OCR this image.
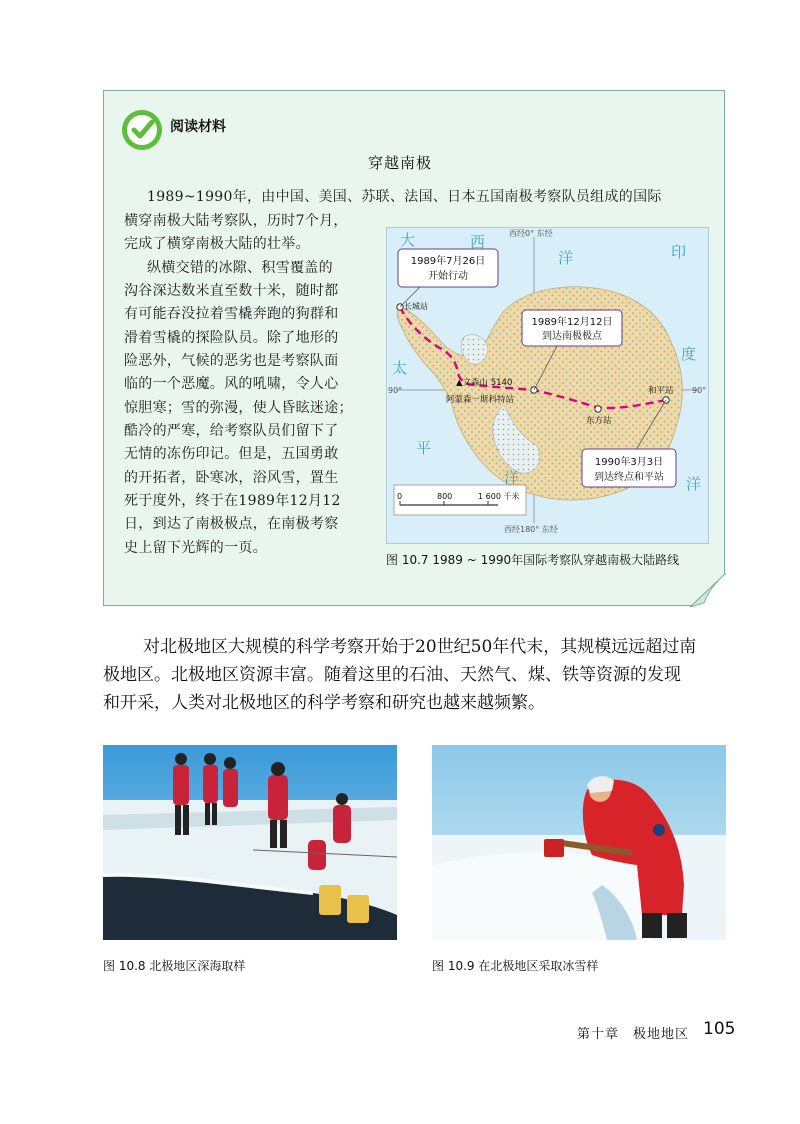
阅读材料
穿越南极
1989~1990年，由中国、美国、苏联、法国、日本五国南极考察队员组成的国际
横穿南极大陆考察队，历时7个月，
完成了横穿南极大陆的壮举。
纵横交错的冰隙、积雪覆盖的
沟谷深达数米直至数十米，随时都
有可能吞没拉着雪橇奔跑的狗群和
滑着雪橇的探险队员。除了地形的
险恶外，气候的恶劣也是考察队面
临的一个恶魔。风的吼啸，令人心
惊胆寒；雪的弥漫，使人昏眩迷途；
酷冷的严寒，给考察队员们留下了
无情的冻伤印记。但是，五国勇敢
的开拓者，卧寒冰，浴风雪，置生
死于度外，终于在1989年12月12
日，到达了南极极点，在南极考察
史上留下光辉的一页。
大	西
洋	印
度
洋
太
平
洋
西经0° 东经
西经180° 东经
90°	90°
1989年7月26日
开始行动
1989年12月12日
到达南极极点
1990年3月3日
到达终点和平站
长城站
▲文森山 5140
阿蒙森－斯科特站
东方站
和平站
0	800	1 600 千米
图 10.7 1989 ~ 1990年国际考察队穿越南极大陆路线
对北极地区大规模的科学考察开始于20世纪50年代末，其规模远远超过南
极地区。北极地区资源丰富。随着这里的石油、天然气、煤、铁等资源的发现
和开采，人类对北极地区的科学考察和研究也越来越频繁。
图 10.8 北极地区深海取样	图 10.9 在北极地区采取冰雪样
第十章　极地地区 105
